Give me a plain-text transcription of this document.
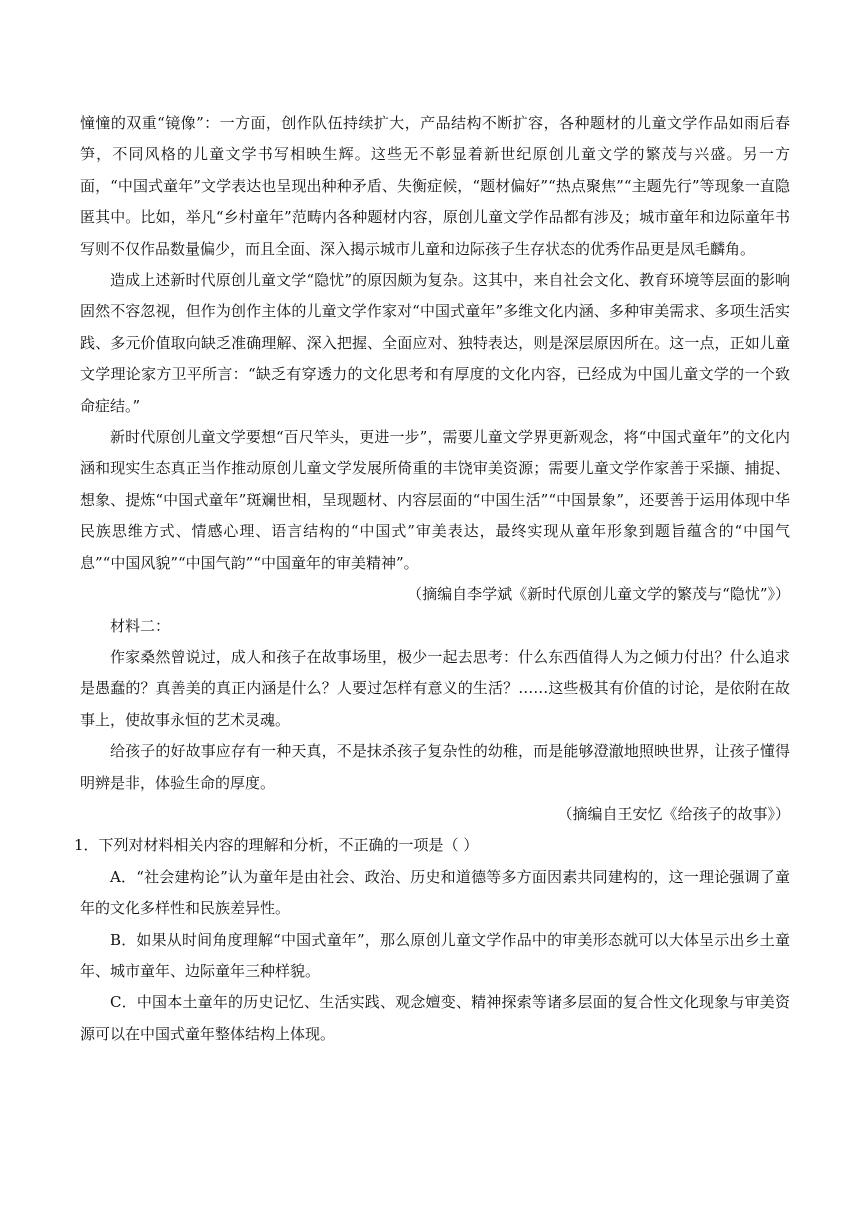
憧憧的双重“镜像”：一方面，创作队伍持续扩大，产品结构不断扩容，各种题材的儿童文学作品如雨后春笋，不同风格的儿童文学书写相映生辉。这些无不彰显着新世纪原创儿童文学的繁茂与兴盛。另一方面，“中国式童年”文学表达也呈现出种种矛盾、失衡症候，“题材偏好”“热点聚焦”“主题先行”等现象一直隐匿其中。比如，举凡“乡村童年”范畴内各种题材内容，原创儿童文学作品都有涉及；城市童年和边际童年书写则不仅作品数量偏少，而且全面、深入揭示城市儿童和边际孩子生存状态的优秀作品更是凤毛麟角。

造成上述新时代原创儿童文学“隐忧”的原因颇为复杂。这其中，来自社会文化、教育环境等层面的影响固然不容忽视，但作为创作主体的儿童文学作家对“中国式童年”多维文化内涵、多种审美需求、多项生活实践、多元价值取向缺乏准确理解、深入把握、全面应对、独特表达，则是深层原因所在。这一点，正如儿童文学理论家方卫平所言：“缺乏有穿透力的文化思考和有厚度的文化内容，已经成为中国儿童文学的一个致命症结。”

新时代原创儿童文学要想“百尺竿头，更进一步”，需要儿童文学界更新观念，将“中国式童年”的文化内涵和现实生态真正当作推动原创儿童文学发展所倚重的丰饶审美资源；需要儿童文学作家善于采撷、捕捉、想象、提炼“中国式童年”斑斓世相，呈现题材、内容层面的“中国生活”“中国景象”，还要善于运用体现中华民族思维方式、情感心理、语言结构的“中国式”审美表达，最终实现从童年形象到题旨蕴含的“中国气息”“中国风貌”“中国气韵”“中国童年的审美精神”。

（摘编自李学斌《新时代原创儿童文学的繁茂与“隐忧”》）

材料二：

作家桑然曾说过，成人和孩子在故事场里，极少一起去思考：什么东西值得人为之倾力付出？什么追求是愚蠢的？真善美的真正内涵是什么？人要过怎样有意义的生活？……这些极其有价值的讨论，是依附在故事上，使故事永恒的艺术灵魂。

给孩子的好故事应存有一种天真，不是抹杀孩子复杂性的幼稚，而是能够澄澈地照映世界，让孩子懂得明辨是非，体验生命的厚度。

（摘编自王安忆《给孩子的故事》）

1．下列对材料相关内容的理解和分析，不正确的一项是（ ）

A．“社会建构论”认为童年是由社会、政治、历史和道德等多方面因素共同建构的，这一理论强调了童年的文化多样性和民族差异性。

B．如果从时间角度理解“中国式童年”，那么原创儿童文学作品中的审美形态就可以大体呈示出乡土童年、城市童年、边际童年三种样貌。

C．中国本土童年的历史记忆、生活实践、观念嬗变、精神探索等诸多层面的复合性文化现象与审美资源可以在中国式童年整体结构上体现。
